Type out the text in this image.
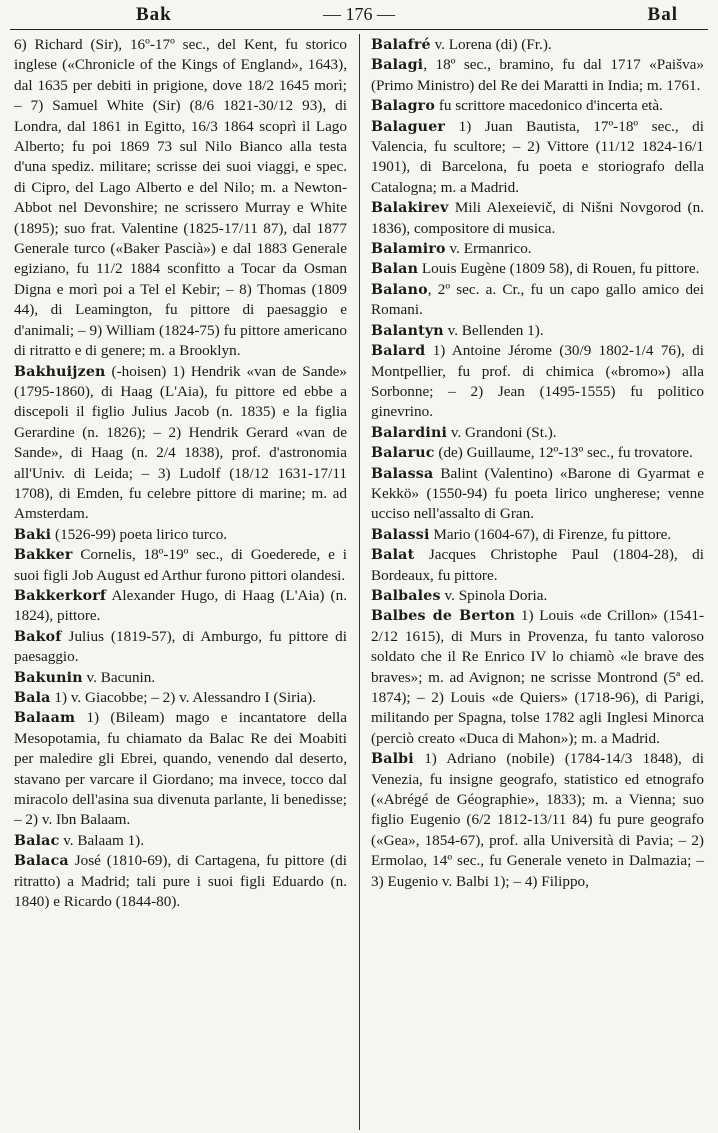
Bak	— 176 —	Bal

6) Richard (Sir), 16º-17º sec., del Kent, fu storico inglese («Chronicle of the Kings of England», 1643), dal 1635 per debiti in prigione, dove 18/2 1645 morì; – 7) Samuel White (Sir) (8/6 1821-30/12 93), di Londra, dal 1861 in Egitto, 16/3 1864 scoprì il Lago Alberto; fu poi 1869 73 sul Nilo Bianco alla testa d'una spediz. militare; scrisse dei suoi viaggi, e spec. di Cipro, del Lago Alberto e del Nilo; m. a Newton-Abbot nel Devonshire; ne scrissero Murray e White (1895); suo frat. Valentine (1825-17/11 87), dal 1877 Generale turco («Baker Pascià») e dal 1883 Generale egiziano, fu 11/2 1884 sconfitto a Tocar da Osman Digna e morì poi a Tel el Kebir; – 8) Thomas (1809 44), di Leamington, fu pittore di paesaggio e d'animali; – 9) William (1824-75) fu pittore americano di ritratto e di genere; m. a Brooklyn.

Bakhuijzen (-hoisen) 1) Hendrik «van de Sande» (1795-1860), di Haag (L'Aia), fu pittore ed ebbe a discepoli il figlio Julius Jacob (n. 1835) e la figlia Gerardine (n. 1826); – 2) Hendrik Gerard «van de Sande», di Haag (n. 2/4 1838), prof. d'astronomia all'Univ. di Leida; – 3) Ludolf (18/12 1631-17/11 1708), di Emden, fu celebre pittore di marine; m. ad Amsterdam.

Baki (1526-99) poeta lirico turco.

Bakker Cornelis, 18º-19º sec., di Goederede, e i suoi figli Job August ed Arthur furono pittori olandesi.

Bakkerkorf Alexander Hugo, di Haag (L'Aia) (n. 1824), pittore.

Bakof Julius (1819-57), di Amburgo, fu pittore di paesaggio.

Bakunin v. Bacunin.

Bala 1) v. Giacobbe; – 2) v. Alessandro I (Siria).

Balaam 1) (Bileam) mago e incantatore della Mesopotamia, fu chiamato da Balac Re dei Moabiti per maledire gli Ebrei, quando, venendo dal deserto, stavano per varcare il Giordano; ma invece, tocco dal miracolo dell'asina sua divenuta parlante, li benedisse; – 2) v. Ibn Balaam.

Balac v. Balaam 1).

Balaca José (1810-69), di Cartagena, fu pittore (di ritratto) a Madrid; tali pure i suoi figli Eduardo (n. 1840) e Ricardo (1844-80).

Balafré v. Lorena (di) (Fr.).

Balagi, 18º sec., bramino, fu dal 1717 «Paišva» (Primo Ministro) del Re dei Maratti in India; m. 1761.

Balagro fu scrittore macedonico d'incerta età.

Balaguer 1) Juan Bautista, 17º-18º sec., di Valencia, fu scultore; – 2) Vittore (11/12 1824-16/1 1901), di Barcelona, fu poeta e storiografo della Catalogna; m. a Madrid.

Balakirev Mili Alexeievič, di Nišni Novgorod (n. 1836), compositore di musica.

Balamiro v. Ermanrico.

Balan Louis Eugène (1809 58), di Rouen, fu pittore.

Balano, 2º sec. a. Cr., fu un capo gallo amico dei Romani.

Balantyn v. Bellenden 1).

Balard 1) Antoine Jérome (30/9 1802-1/4 76), di Montpellier, fu prof. di chimica («bromo») alla Sorbonne; – 2) Jean (1495-1555) fu politico ginevrino.

Balardini v. Grandoni (St.).

Balaruc (de) Guillaume, 12º-13º sec., fu trovatore.

Balassa Balint (Valentino) «Barone di Gyarmat e Kekkö» (1550-94) fu poeta lirico ungherese; venne ucciso nell'assalto di Gran.

Balassi Mario (1604-67), di Firenze, fu pittore.

Balat Jacques Christophe Paul (1804-28), di Bordeaux, fu pittore.

Balbales v. Spinola Doria.

Balbes de Berton 1) Louis «de Crillon» (1541-2/12 1615), di Murs in Provenza, fu tanto valoroso soldato che il Re Enrico IV lo chiamò «le brave des braves»; m. ad Avignon; ne scrisse Montrond (5ª ed. 1874); – 2) Louis «de Quiers» (1718-96), di Parigi, militando per Spagna, tolse 1782 agli Inglesi Minorca (perciò creato «Duca di Mahon»); m. a Madrid.

Balbi 1) Adriano (nobile) (1784-14/3 1848), di Venezia, fu insigne geografo, statistico ed etnografo («Abrégé de Géographie», 1833); m. a Vienna; suo figlio Eugenio (6/2 1812-13/11 84) fu pure geografo («Gea», 1854-67), prof. alla Università di Pavia; – 2) Ermolao, 14º sec., fu Generale veneto in Dalmazia; – 3) Eugenio v. Balbi 1); – 4) Filippo,
